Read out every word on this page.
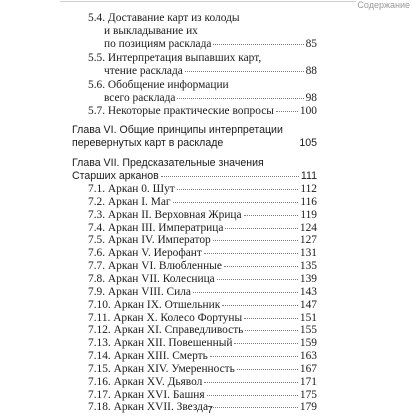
Содержание
5.4. Доставание карт из колоды
и выкладывание их
по позициям расклада	85
5.5. Интерпретация выпавших карт,
чтение расклада	88
5.6. Обобщение информации
всего расклада	98
5.7. Некоторые практические вопросы 100
Глава VI. Общие принципы интерпретации
перевернутых карт в раскладе	105
Глава VII. Предсказательные значения
Старших арканов	111
7.1. Аркан 0. Шут	112
7.2. Аркан I. Маг	116
7.3. Аркан II. Верховная Жрица	119
7.4. Аркан III. Императрица	124
7.5. Аркан IV. Император	127
7.6. Аркан V. Иерофант	131
7.7. Аркан VI. Влюбленные	135
7.8. Аркан VII. Колесница	139
7.9. Аркан VIII. Сила	143
7.10. Аркан IX. Отшельник	147
7.11. Аркан X. Колесо Фортуны	151
7.12. Аркан XI. Справедливость	155
7.13. Аркан XII. Повешенный	159
7.14. Аркан XIII. Смерть	163
7.15. Аркан XIV. Умеренность	167
7.16. Аркан XV. Дьявол	171
7.17. Аркан XVI. Башня	175
7.18. Аркан XVII. Звезда	179
7
